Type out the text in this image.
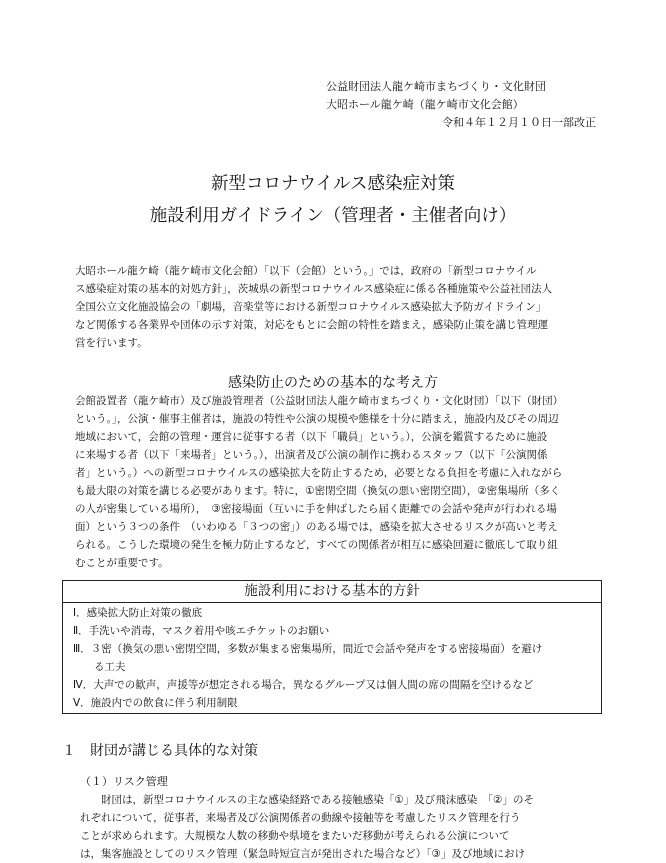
公益財団法人龍ケ崎市まちづくり・文化財団
大昭ホール龍ケ崎（龍ケ崎市文化会館）
令和４年１２月１０日一部改正
新型コロナウイルス感染症対策
施設利用ガイドライン（管理者・主催者向け）
大昭ホール龍ケ崎（龍ケ崎市文化会館）「以下（会館）という。」では，政府の「新型コロナウイル
ス感染症対策の基本的対処方針」，茨城県の新型コロナウイルス感染症に係る各種施策や公益社団法人
全国公立文化施設協会の「劇場，音楽堂等における新型コロナウイルス感染拡大予防ガイドライン」
など関係する各業界や団体の示す対策，対応をもとに会館の特性を踏まえ，感染防止策を講じ管理運
営を行います。
感染防止のための基本的な考え方
会館設置者（龍ケ崎市）及び施設管理者（公益財団法人龍ケ崎市まちづくり・文化財団）「以下（財団）
という。」，公演・催事主催者は，施設の特性や公演の規模や態様を十分に踏まえ，施設内及びその周辺
地域において，会館の管理・運営に従事する者（以下「職員」という。），公演を鑑賞するために施設
に来場する者（以下「来場者」という。），出演者及び公演の制作に携わるスタッフ（以下「公演関係
者」という。）への新型コロナウイルスの感染拡大を防止するため，必要となる負担を考慮に入れながら
も最大限の対策を講じる必要があります。特に，①密閉空間（換気の悪い密閉空間），②密集場所（多く
の人が密集している場所），　③密接場面（互いに手を伸ばしたら届く距離での会話や発声が行われる場
面）という３つの条件　（いわゆる「３つの密」）のある場では，感染を拡大させるリスクが高いと考え
られる。こうした環境の発生を極力防止するなど，すべての関係者が相互に感染回避に徹底して取り組
むことが重要です。
施設利用における基本的方針
Ⅰ．感染拡大防止対策の徹底
Ⅱ．手洗いや消毒，マスク着用や咳エチケットのお願い
Ⅲ．３密（換気の悪い密閉空間，多数が集まる密集場所，間近で会話や発声をする密接場面）を避け
　　る工夫
Ⅳ．大声での歓声，声援等が想定される場合，異なるグループ又は個人間の席の間隔を空けるなど
Ⅴ．施設内での飲食に伴う利用制限
１　財団が講じる具体的な対策
（１）リスク管理
　　財団は，新型コロナウイルスの主な感染経路である接触感染「①」及び飛沫感染　「②」のそ
れぞれについて，従事者，来場者及び公演関係者の動線や接触等を考慮したリスク管理を行う
ことが求められます。大規模な人数の移動や県境をまたいだ移動が考えられる公演について
は，集客施設としてのリスク管理（緊急時短宣言が発出された場合など）「③」及び地域におけ
